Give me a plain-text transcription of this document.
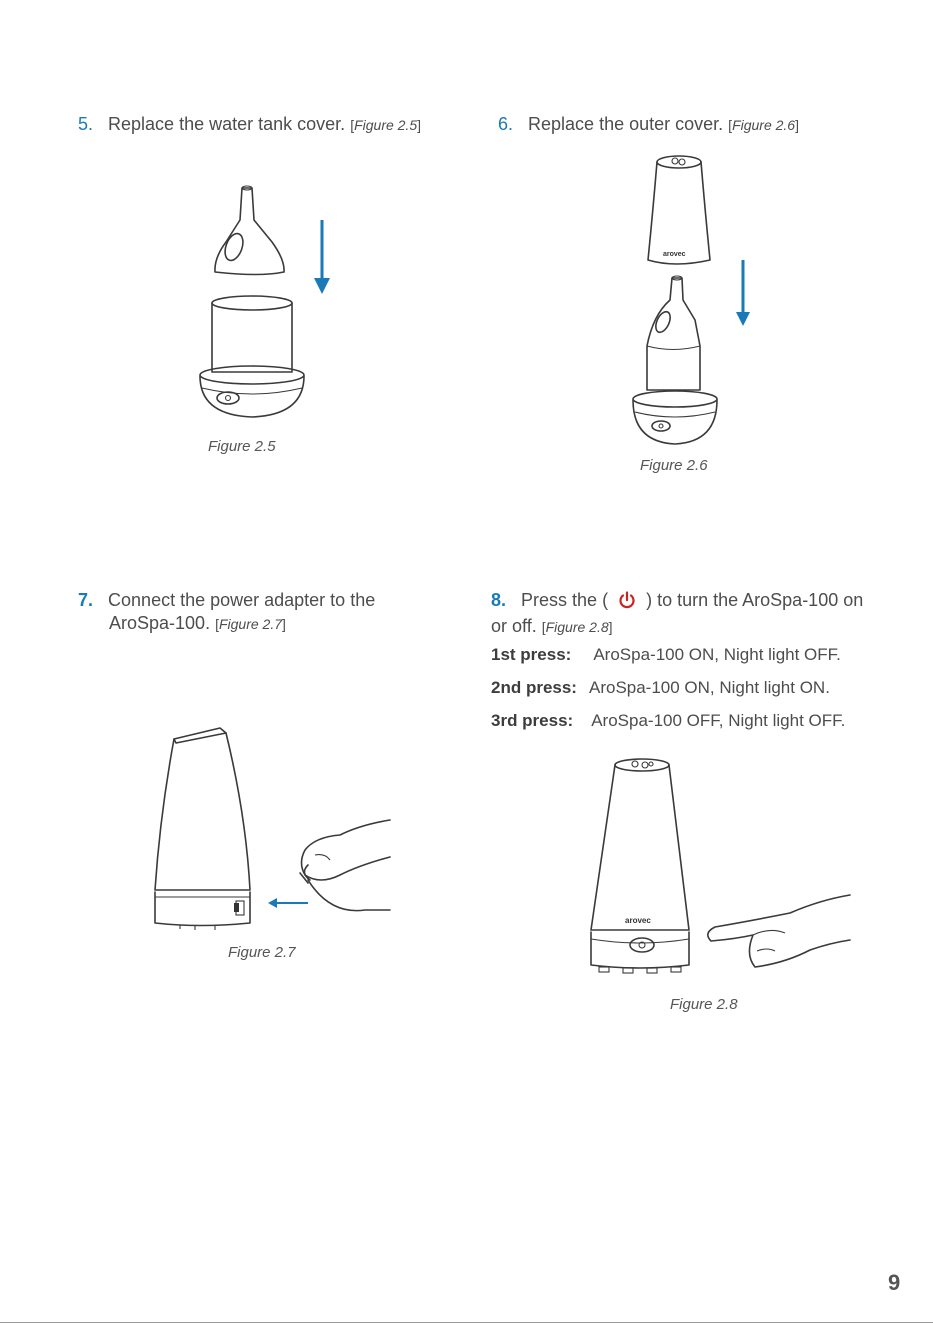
5. Replace the water tank cover. [Figure 2.5]	6. Replace the outer cover. [Figure 2.6]
Figure 2.5
arovec
Figure 2.6
7. Connect the power adapter to the
AroSpa-100. [Figure 2.7]
8. Press the ( ) to turn the AroSpa-100 on
or off. [Figure 2.8]
1st press: AroSpa-100 ON, Night light OFF.
2nd press: AroSpa-100 ON, Night light ON.
3rd press: AroSpa-100 OFF, Night light OFF.
Figure 2.7
arovec
Figure 2.8
9
